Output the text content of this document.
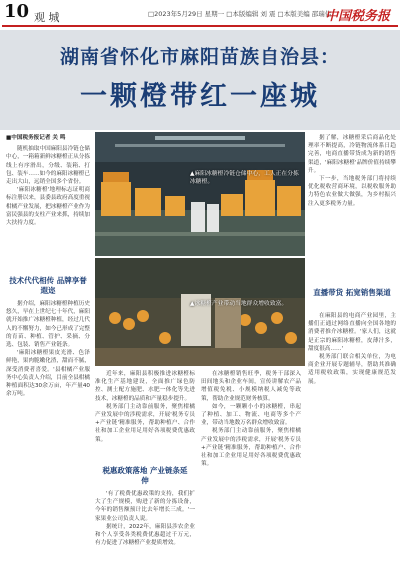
10 观 城	□2023年5月29日 星期一 □本版编辑 刘 震 □本版美编 邵瑞伟
中国税务报
湖南省怀化市麻阳苗族自治县：
一颗橙带红一座城

■中国税务报记者 关 鸣

随机抽取中国麻阳县冷链仓储中心，一箱箱新鲜冰糖橙正从分拣线上有序滑出，分级、装箱、打包、装车……如今的麻阳冰糖橙已走出大山，远销全国多个省份。

'麻阳冰糖橙'地理标志证明商标注册以来，县委县政府高度重视柑橘产业发展，把冰糖橙产业作为富民强县的支柱产业来抓，持续加大扶持力度。

技术代代相传 品牌享誉遐迩

据介绍，麻阳冰糖橙种植历史悠久，早在上世纪七十年代，麻阳就开始推广冰糖橙种植，经过几代人的不懈努力，如今已形成了完整的育苗、种植、管护、采摘、分选、包装、销售产业链条。

'麻阳冰糖橙果皮光滑、色泽鲜艳，果肉脆嫩化渣，甜而不腻，深受消费者喜爱。'县柑橘产业服务中心负责人介绍，目前全县柑橘种植面积达30余万亩，年产量40余万吨。

▲麻阳冰糖橙冷链仓储中心，工人正在分拣冰糖橙。
▲冰糖橙产业带动当地群众增收致富。

近年来，麻阳县积极推进冰糖橙标准化生产基地建设，全面推广绿色防控、测土配方施肥、水肥一体化等先进技术，冰糖橙的品质和产量稳步提升。

税务部门主动靠前服务，聚焦柑橘产业发展中的涉税需求，开展'税务专员+产业链'精准服务，帮助种植户、合作社和加工企业用足用好各项税费优惠政策。

税惠政策落地 产业链条延伸

'有了税费优惠政策的支持，我们扩大了生产规模，购进了新的分拣设备，今年的销售额预计比去年增长三成。'一家果业公司负责人说。

据统计，2022年，麻阳县涉农企业和个人享受各类税费优惠超过千万元，有力促进了冰糖橙产业提质增效。

在冰糖橙销售旺季，税务干部深入田间地头和企业车间，宣传讲解农产品增值税免税、小规模纳税人减免等政策，帮助企业规范财务核算。

如今，一颗颗小小的冰糖橙，串起了种植、加工、物流、电商等多个产业，带动当地数万名群众增收致富。

税务部门主动靠前服务，聚焦柑橘产业发展中的涉税需求，开展'税务专员+产业链'精准服务，帮助种植户、合作社和加工企业用足用好各项税费优惠政策。

据了解，冰糖橙采后商品化处理率不断提高，冷链物流体系日趋完善，电商直播带货成为新的销售渠道，'麻阳冰糖橙'品牌价值持续攀升。

下一步，当地税务部门将持续优化税收营商环境，以税收服务助力特色农业做大做强，为乡村振兴注入更多税务力量。

直播带货 拓宽销售渠道

在麻阳县的电商产业园里，主播们正通过网络直播向全国各地的消费者推介冰糖橙。'家人们，这就是正宗的麻阳冰糖橙，皮薄汁多，甜度很高……'

税务部门联合相关单位，为电商企业开展专题辅导，帮助其准确适用税收政策，实现健康规范发展。
